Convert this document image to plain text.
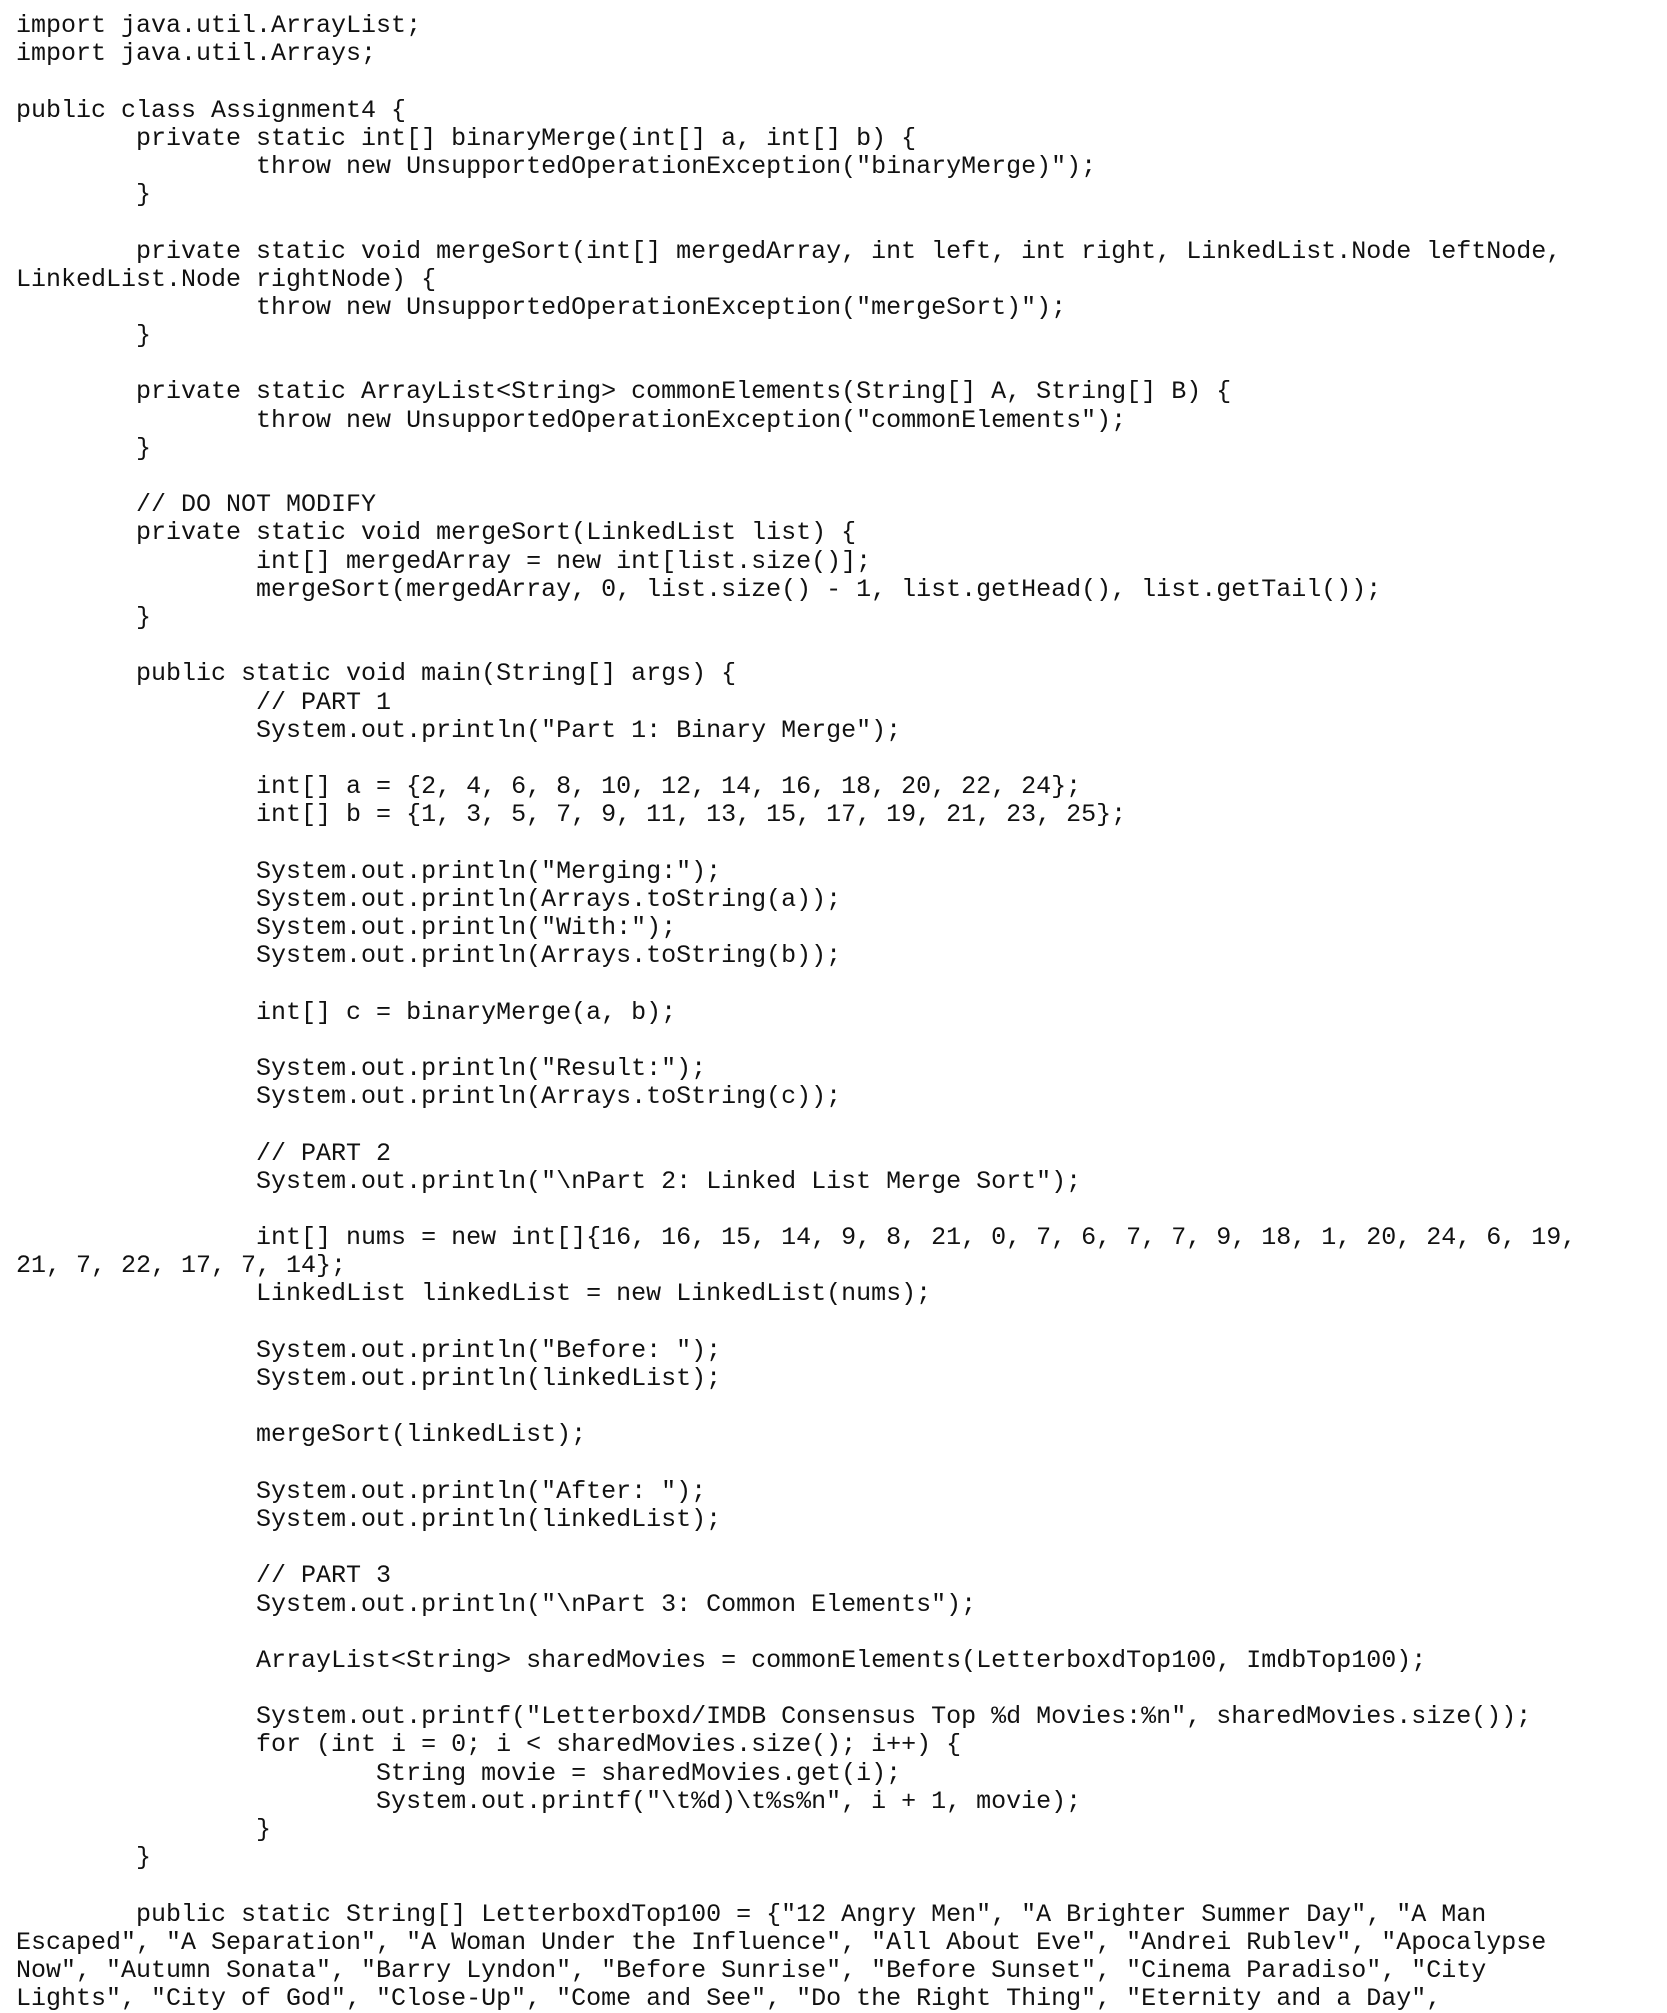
import java.util.ArrayList;
import java.util.Arrays;
public class Assignment4 {
private static int[] binaryMerge(int[] a, int[] b) {
throw new UnsupportedOperationException("binaryMerge)");
}
private static void mergeSort(int[] mergedArray, int left, int right, LinkedList.Node leftNode,
LinkedList.Node rightNode) {
throw new UnsupportedOperationException("mergeSort)");
}
private static ArrayList<String> commonElements(String[] A, String[] B) {
throw new UnsupportedOperationException("commonElements");
}
// DO NOT MODIFY
private static void mergeSort(LinkedList list) {
int[] mergedArray = new int[list.size()];
mergeSort(mergedArray, 0, list.size() - 1, list.getHead(), list.getTail());
}
public static void main(String[] args) {
// PART 1
System.out.println("Part 1: Binary Merge");
int[] a = {2, 4, 6, 8, 10, 12, 14, 16, 18, 20, 22, 24};
int[] b = {1, 3, 5, 7, 9, 11, 13, 15, 17, 19, 21, 23, 25};
System.out.println("Merging:");
System.out.println(Arrays.toString(a));
System.out.println("With:");
System.out.println(Arrays.toString(b));
int[] c = binaryMerge(a, b);
System.out.println("Result:");
System.out.println(Arrays.toString(c));
// PART 2
System.out.println("\nPart 2: Linked List Merge Sort");
int[] nums = new int[]{16, 16, 15, 14, 9, 8, 21, 0, 7, 6, 7, 7, 9, 18, 1, 20, 24, 6, 19,
21, 7, 22, 17, 7, 14};
LinkedList linkedList = new LinkedList(nums);
System.out.println("Before: ");
System.out.println(linkedList);
mergeSort(linkedList);
System.out.println("After: ");
System.out.println(linkedList);
// PART 3
System.out.println("\nPart 3: Common Elements");
ArrayList<String> sharedMovies = commonElements(LetterboxdTop100, ImdbTop100);
System.out.printf("Letterboxd/IMDB Consensus Top %d Movies:%n", sharedMovies.size());
for (int i = 0; i < sharedMovies.size(); i++) {
String movie = sharedMovies.get(i);
System.out.printf("\t%d)\t%s%n", i + 1, movie);
}
}
public static String[] LetterboxdTop100 = {"12 Angry Men", "A Brighter Summer Day", "A Man
Escaped", "A Separation", "A Woman Under the Influence", "All About Eve", "Andrei Rublev", "Apocalypse
Now", "Autumn Sonata", "Barry Lyndon", "Before Sunrise", "Before Sunset", "Cinema Paradiso", "City
Lights", "City of God", "Close-Up", "Come and See", "Do the Right Thing", "Eternity and a Day",
